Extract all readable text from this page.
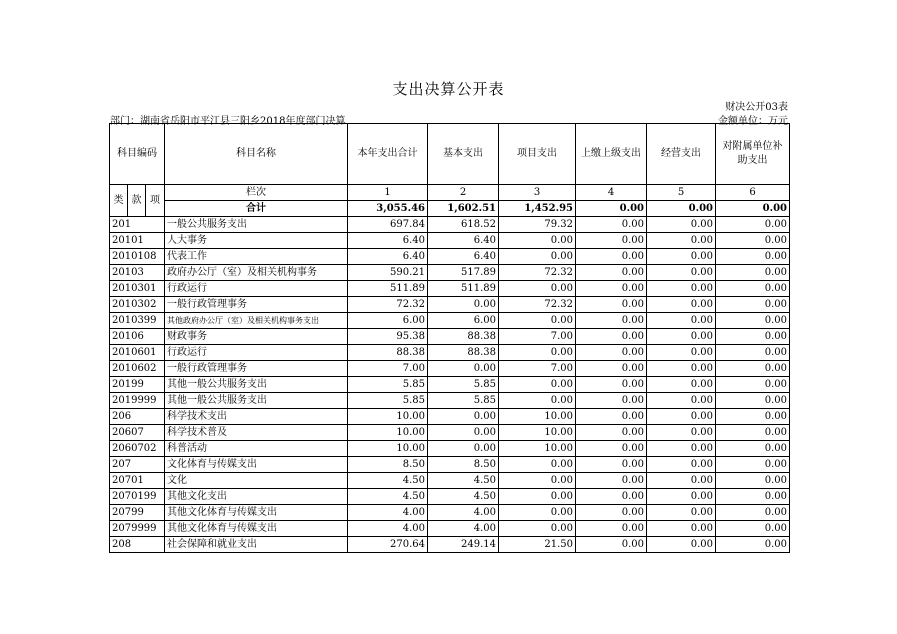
支出决算公开表
财决公开03表
部门：湖南省岳阳市平江县三阳乡2018年度部门决算	金额单位：万元
科目编码			科目名称	本年支出合计	基本支出	项目支出	上缴上级支出	经营支出	对附属单位补助支出
类	款	项	栏次	1	2	3	4	5	6
			合计	3,055.46	1,602.51	1,452.95	0.00	0.00	0.00
201			一般公共服务支出	697.84	618.52	79.32	0.00	0.00	0.00
20101			人大事务	6.40	6.40	0.00	0.00	0.00	0.00
2010108			代表工作	6.40	6.40	0.00	0.00	0.00	0.00
20103			政府办公厅（室）及相关机构事务	590.21	517.89	72.32	0.00	0.00	0.00
2010301			行政运行	511.89	511.89	0.00	0.00	0.00	0.00
2010302			一般行政管理事务	72.32	0.00	72.32	0.00	0.00	0.00
2010399			其他政府办公厅（室）及相关机构事务支出	6.00	6.00	0.00	0.00	0.00	0.00
20106			财政事务	95.38	88.38	7.00	0.00	0.00	0.00
2010601			行政运行	88.38	88.38	0.00	0.00	0.00	0.00
2010602			一般行政管理事务	7.00	0.00	7.00	0.00	0.00	0.00
20199			其他一般公共服务支出	5.85	5.85	0.00	0.00	0.00	0.00
2019999			其他一般公共服务支出	5.85	5.85	0.00	0.00	0.00	0.00
206			科学技术支出	10.00	0.00	10.00	0.00	0.00	0.00
20607			科学技术普及	10.00	0.00	10.00	0.00	0.00	0.00
2060702			科普活动	10.00	0.00	10.00	0.00	0.00	0.00
207			文化体育与传媒支出	8.50	8.50	0.00	0.00	0.00	0.00
20701			文化	4.50	4.50	0.00	0.00	0.00	0.00
2070199			其他文化支出	4.50	4.50	0.00	0.00	0.00	0.00
20799			其他文化体育与传媒支出	4.00	4.00	0.00	0.00	0.00	0.00
2079999			其他文化体育与传媒支出	4.00	4.00	0.00	0.00	0.00	0.00
208			社会保障和就业支出	270.64	249.14	21.50	0.00	0.00	0.00
